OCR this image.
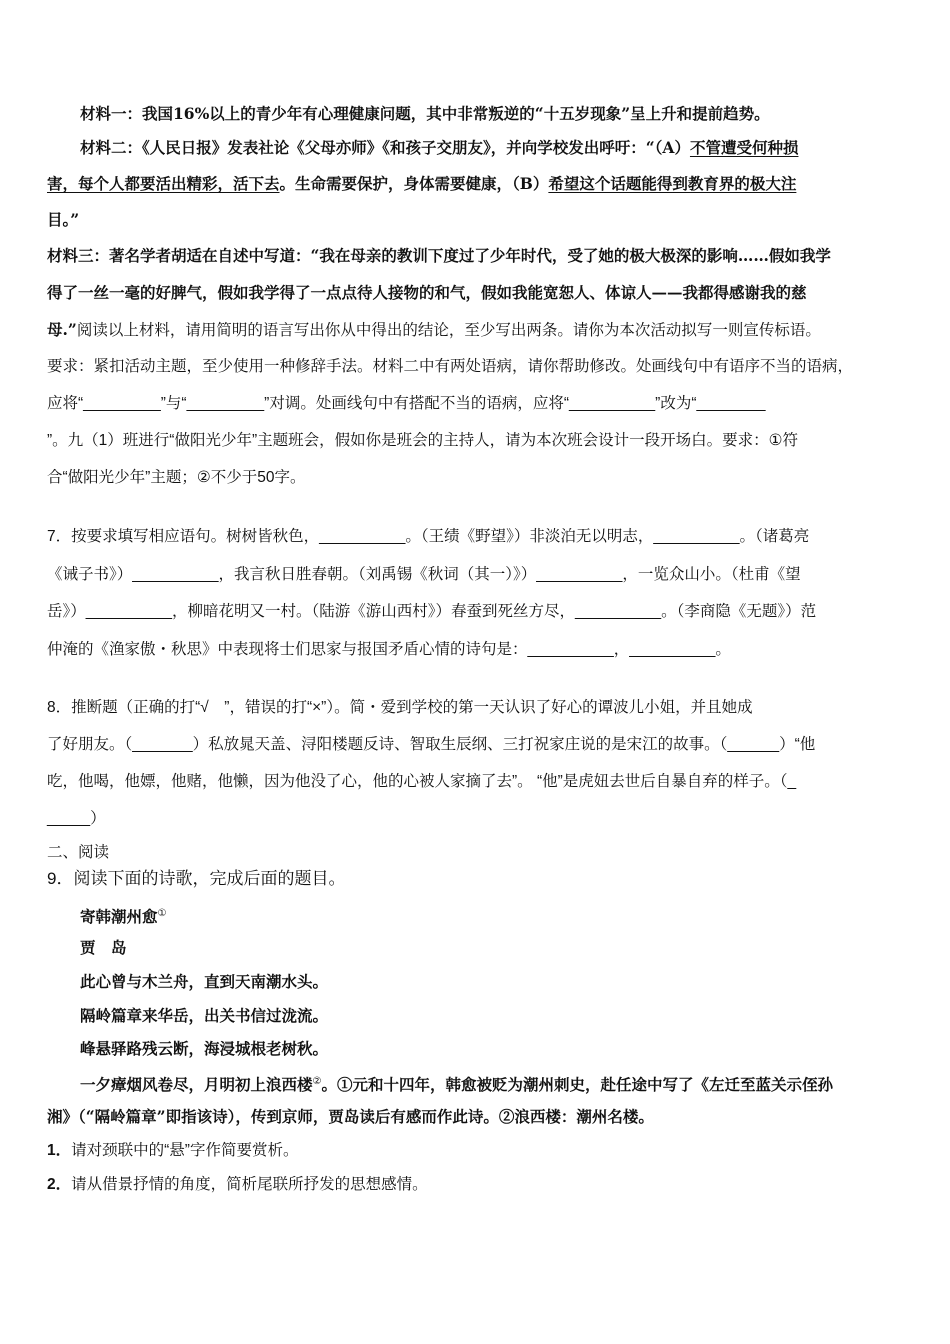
材料一：我国16%以上的青少年有心理健康问题，其中非常叛逆的“十五岁现象”呈上升和提前趋势。
材料二：《人民日报》发表社论《父母亦师》《和孩子交朋友》，并向学校发出呼吁：“（A）不管遭受何种损
害，每个人都要活出精彩，活下去。生命需要保护，身体需要健康，（B）希望这个话题能得到教育界的极大注
目。”
材料三：著名学者胡适在自述中写道：“我在母亲的教训下度过了少年时代，受了她的极大极深的影响……假如我学
得了一丝一毫的好脾气，假如我学得了一点点待人接物的和气，假如我能宽恕人、体谅人——我都得感谢我的慈
母.”阅读以上材料，请用简明的语言写出你从中得出的结论，至少写出两条。请你为本次活动拟写一则宣传标语。
要求：紧扣活动主题，至少使用一种修辞手法。材料二中有两处语病，请你帮助修改。处画线句中有语序不当的语病，
应将“_________”与“_________”对调。处画线句中有搭配不当的语病，应将“__________”改为“________
”。九（1）班进行“做阳光少年”主题班会，假如你是班会的主持人，请为本次班会设计一段开场白。要求：①符
合“做阳光少年”主题；②不少于50字。
7．按要求填写相应语句。树树皆秋色，__________。（王绩《野望》）非淡泊无以明志，__________。（诸葛亮
《诫子书》）__________，我言秋日胜春朝。（刘禹锡《秋词（其一）》）__________，一览众山小。（杜甫《望
岳》）__________，柳暗花明又一村。（陆游《游山西村》）春蚕到死丝方尽，__________。（李商隐《无题》）范
仲淹的《渔家傲・秋思》中表现将士们思家与报国矛盾心情的诗句是：__________，__________。
8．推断题（正确的打“√　”，错误的打“×”）。简・爱到学校的第一天认识了好心的谭波儿小姐，并且她成
了好朋友。（_______）私放晁天盖、浔阳楼题反诗、智取生辰纲、三打祝家庄说的是宋江的故事。（______）“他
吃，他喝，他嫖，他赌，他懒，因为他没了心，他的心被人家摘了去”。 “他”是虎妞去世后自暴自弃的样子。（_
_____）
二、阅读
9．阅读下面的诗歌，完成后面的题目。
寄韩潮州愈①
贾　岛
此心曾与木兰舟，直到天南潮水头。
隔岭篇章来华岳，出关书信过泷流。
峰悬驿路残云断，海浸城根老树秋。
一夕瘴烟风卷尽，月明初上浪西楼②。①元和十四年，韩愈被贬为潮州刺史，赴任途中写了《左迁至蓝关示侄孙
湘》（“隔岭篇章”即指该诗），传到京师，贾岛读后有感而作此诗。②浪西楼：潮州名楼。
1．请对颈联中的“悬”字作简要赏析。
2．请从借景抒情的角度，简析尾联所抒发的思想感情。
